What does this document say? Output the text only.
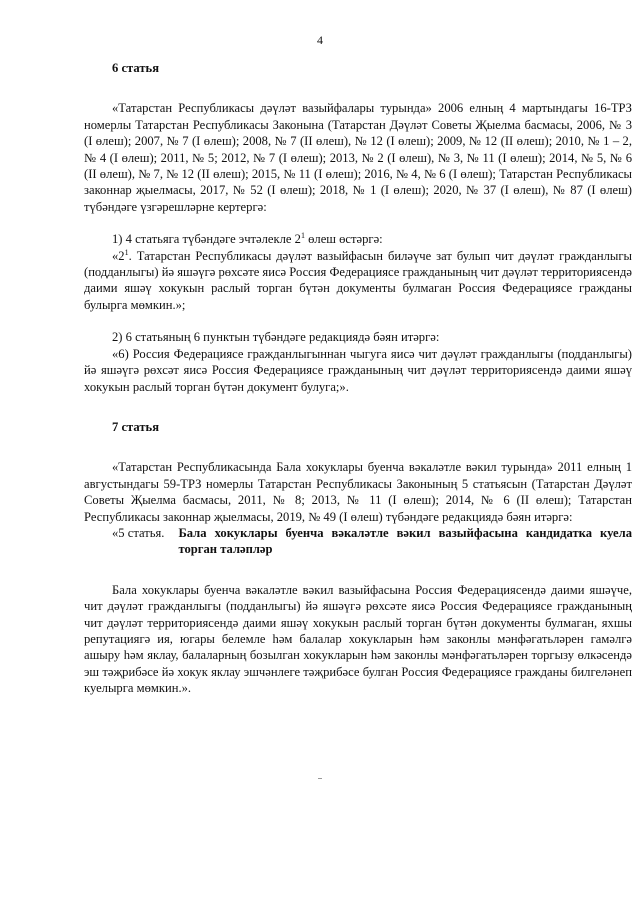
4

6 статья

«Татарстан Республикасы дәүләт вазыйфалары турында» 2006 елның 4 мартындагы 16-ТРЗ номерлы Татарстан Республикасы Законына (Татарстан Дәүләт Советы Җыелма басмасы, 2006, № 3 (I өлеш); 2007, № 7 (I өлеш); 2008, № 7 (II өлеш), № 12 (I өлеш); 2009, № 12 (II өлеш); 2010, № 1 – 2, № 4 (I өлеш); 2011, № 5; 2012, № 7 (I өлеш); 2013, № 2 (I өлеш), № 3, № 11 (I өлеш); 2014, № 5, № 6 (II өлеш), № 7, № 12 (II өлеш); 2015, № 11 (I өлеш); 2016, № 4, № 6 (I өлеш); Татарстан Республикасы законнар җыелмасы, 2017, № 52 (I өлеш); 2018, № 1 (I өлеш); 2020, № 37 (I өлеш), № 87 (I өлеш) түбәндәге үзгәрешләрне кертергә:

1) 4 статьяга түбәндәге эчтәлекле $2^1$ өлеш өстәргә:

«$2^1$. Татарстан Республикасы дәүләт вазыйфасын биләүче зат булып чит дәүләт гражданлыгы (подданлыгы) йә яшәүгә рөхсәте яисә Россия Федерациясе гражданының чит дәүләт территориясендә даими яшәү хокукын раслый торган бүтән документы булмаган Россия Федерациясе гражданы булырга мөмкин.»;

2) 6 статьяның 6 пунктын түбәндәге редакциядә бәян итәргә:

«6) Россия Федерациясе гражданлыгыннан чыгуга яисә чит дәүләт гражданлыгы (подданлыгы) йә яшәүгә рөхсәт яисә Россия Федерациясе гражданының чит дәүләт территориясендә даими яшәү хокукын раслый торган бүтән документ булуга;».

7 статья

«Татарстан Республикасында Бала хокуклары буенча вәкаләтле вәкил турында» 2011 елның 1 августындагы 59-ТРЗ номерлы Татарстан Республикасы Законының 5 статьясын (Татарстан Дәүләт Советы Җыелма басмасы, 2011, № 8; 2013, № 11 (I өлеш); 2014, № 6 (II өлеш); Татарстан Республикасы законнар җыелмасы, 2019, № 49 (I өлеш) түбәндәге редакциядә бәян итәргә:

«5 статья.	Бала хокуклары буенча вәкаләтле вәкил вазыйфасына кандидатка куела торган таләпләр

Бала хокуклары буенча вәкаләтле вәкил вазыйфасына Россия Федерациясендә даими яшәүче, чит дәүләт гражданлыгы (подданлыгы) йә яшәүгә рөхсәте яисә Россия Федерациясе гражданының чит дәүләт территориясендә даими яшәү хокукын раслый торган бүтән документы булмаган, яхшы репутациягә ия, югары белемле һәм балалар хокукларын һәм законлы мәнфәгатьләрен гамәлгә ашыру һәм яклау, балаларның бозылган хокукларын һәм законлы мәнфәгатьләрен торгызу өлкәсендә эш тәҗрибәсе йә хокук яклау эшчәнлеге тәҗрибәсе булган Россия Федерациясе гражданы билгеләнеп куелырга мөмкин.».
